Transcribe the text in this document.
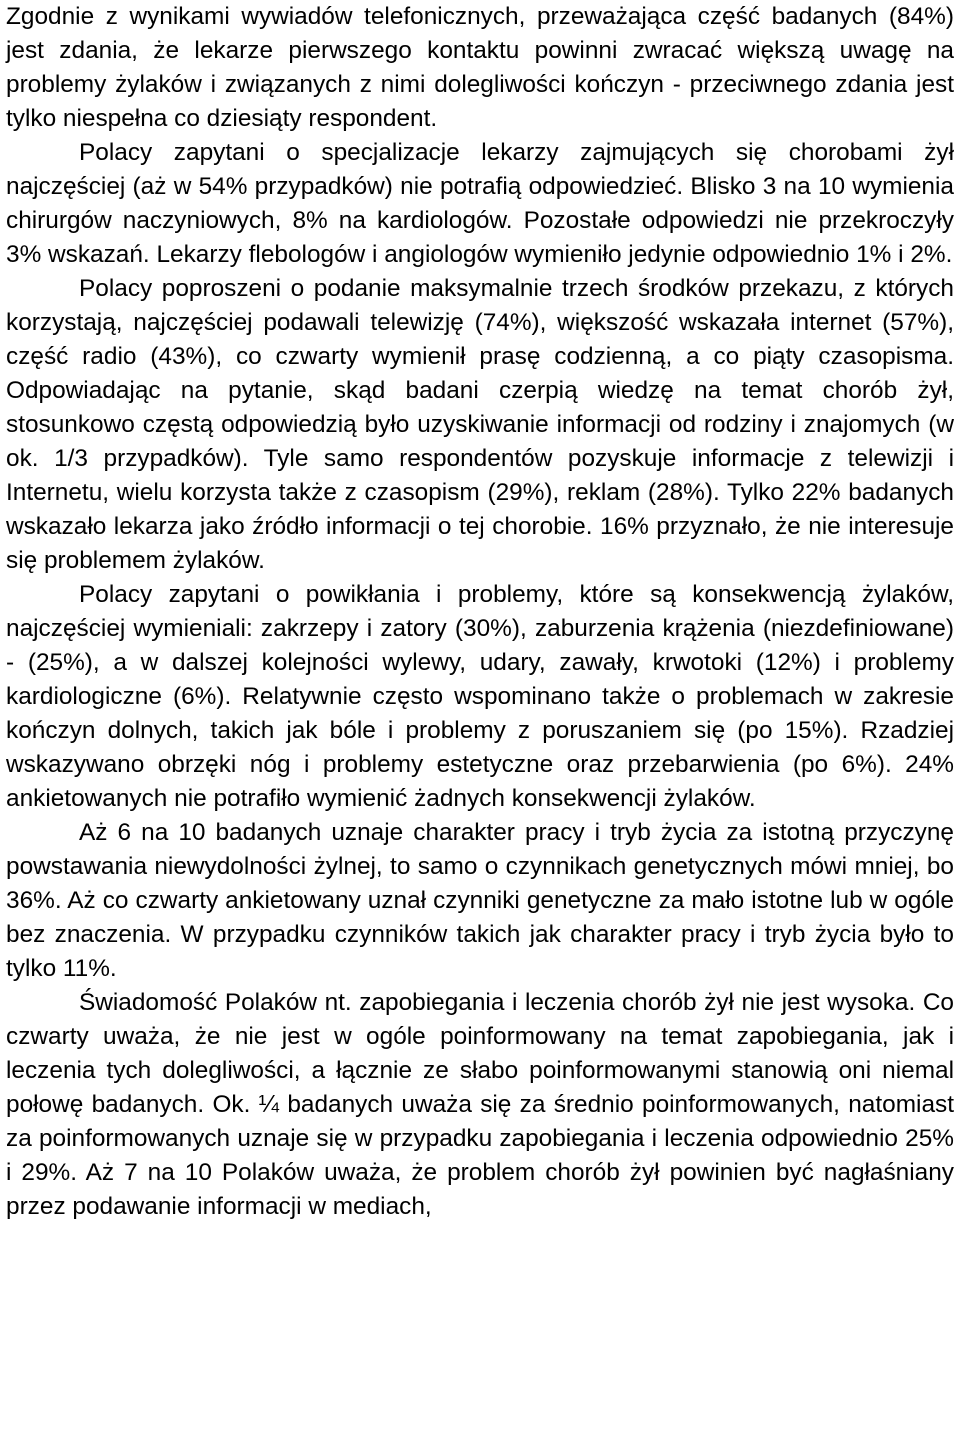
Zgodnie z wynikami wywiadów telefonicznych, przeważająca część badanych (84%) jest zdania, że lekarze pierwszego kontaktu powinni zwracać większą uwagę na problemy żylaków i związanych z nimi dolegliwości kończyn - przeciwnego zdania jest tylko niespełna co dziesiąty respondent.

Polacy zapytani o specjalizacje lekarzy zajmujących się chorobami żył najczęściej (aż w 54% przypadków) nie potrafią odpowiedzieć. Blisko 3 na 10 wymienia chirurgów naczyniowych, 8% na kardiologów. Pozostałe odpowiedzi nie przekroczyły 3% wskazań. Lekarzy flebologów i angiologów wymieniło jedynie odpowiednio 1% i 2%.

Polacy poproszeni o podanie maksymalnie trzech środków przekazu, z których korzystają, najczęściej podawali telewizję (74%), większość wskazała internet (57%), część radio (43%), co czwarty wymienił prasę codzienną, a co piąty czasopisma. Odpowiadając na pytanie, skąd badani czerpią wiedzę na temat chorób żył, stosunkowo częstą odpowiedzią było uzyskiwanie informacji od rodziny i znajomych (w ok. 1/3 przypadków). Tyle samo respondentów pozyskuje informacje z telewizji i Internetu, wielu korzysta także z czasopism (29%), reklam (28%). Tylko 22% badanych wskazało lekarza jako źródło informacji o tej chorobie. 16% przyznało, że nie interesuje się problemem żylaków.

Polacy zapytani o powikłania i problemy, które są konsekwencją żylaków, najczęściej wymieniali: zakrzepy i zatory (30%), zaburzenia krążenia (niezdefiniowane) - (25%), a w dalszej kolejności wylewy, udary, zawały, krwotoki (12%) i problemy kardiologiczne (6%). Relatywnie często wspominano także o problemach w zakresie kończyn dolnych, takich jak bóle i problemy z poruszaniem się (po 15%). Rzadziej wskazywano obrzęki nóg i problemy estetyczne oraz przebarwienia (po 6%). 24% ankietowanych nie potrafiło wymienić żadnych konsekwencji żylaków.

Aż 6 na 10 badanych uznaje charakter pracy i tryb życia za istotną przyczynę powstawania niewydolności żylnej, to samo o czynnikach genetycznych mówi mniej, bo 36%. Aż co czwarty ankietowany uznał czynniki genetyczne za mało istotne lub w ogóle bez znaczenia. W przypadku czynników takich jak charakter pracy i tryb życia było to tylko 11%.

Świadomość Polaków nt. zapobiegania i leczenia chorób żył nie jest wysoka. Co czwarty uważa, że nie jest w ogóle poinformowany na temat zapobiegania, jak i leczenia tych dolegliwości, a łącznie ze słabo poinformowanymi stanowią oni niemal połowę badanych. Ok. ¼ badanych uważa się za średnio poinformowanych, natomiast za poinformowanych uznaje się w przypadku zapobiegania i leczenia odpowiednio 25% i 29%. Aż 7 na 10 Polaków uważa, że problem chorób żył powinien być nagłaśniany przez podawanie informacji w mediach,
